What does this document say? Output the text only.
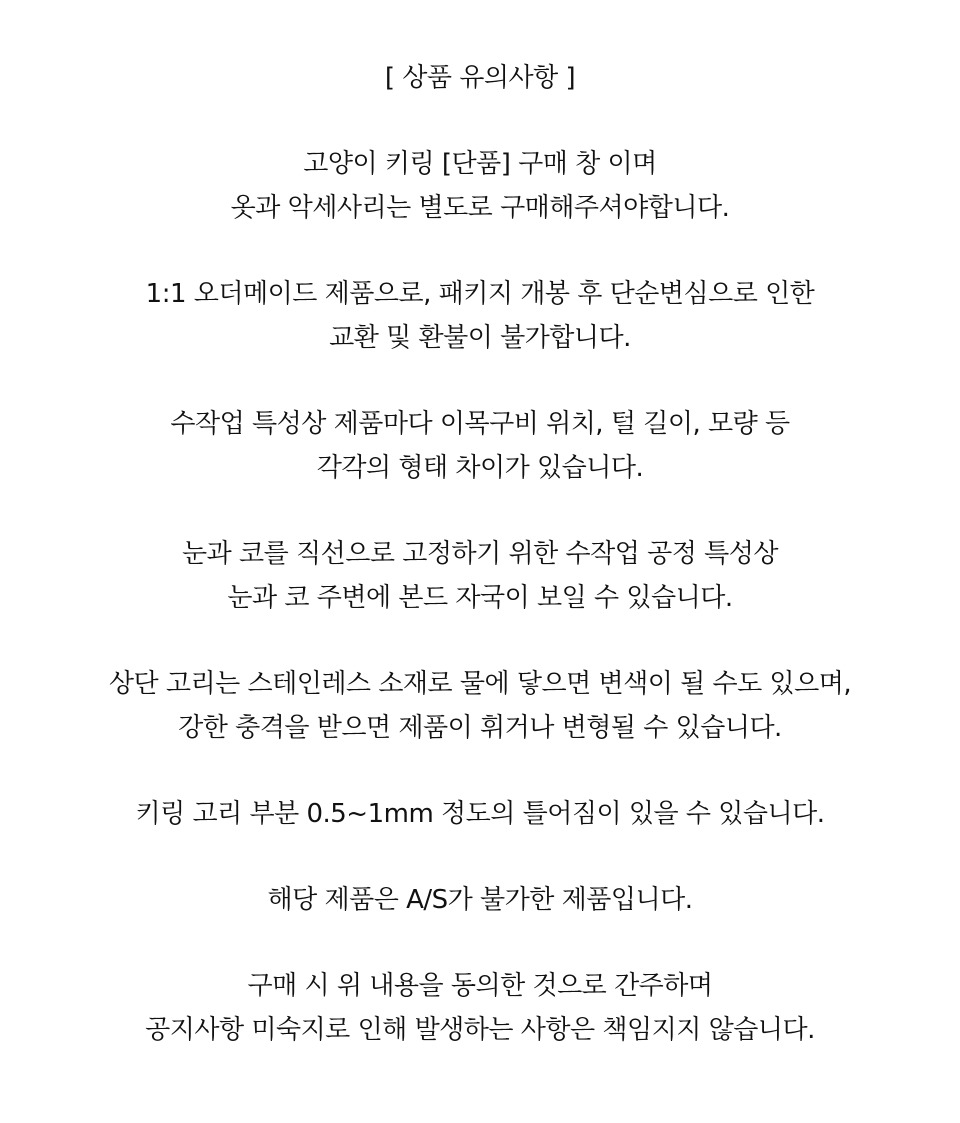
[ 상품 유의사항 ]
고양이 키링 [단품] 구매 창 이며
옷과 악세사리는 별도로 구매해주셔야합니다.
1:1 오더메이드 제품으로, 패키지 개봉 후 단순변심으로 인한
교환 및 환불이 불가합니다.
수작업 특성상 제품마다 이목구비 위치, 털 길이, 모량 등
각각의 형태 차이가 있습니다.
눈과 코를 직선으로 고정하기 위한 수작업 공정 특성상
눈과 코 주변에 본드 자국이 보일 수 있습니다.
상단 고리는 스테인레스 소재로 물에 닿으면 변색이 될 수도 있으며,
강한 충격을 받으면 제품이 휘거나 변형될 수 있습니다.
키링 고리 부분 0.5~1mm 정도의 틀어짐이 있을 수 있습니다.
해당 제품은 A/S가 불가한 제품입니다.
구매 시 위 내용을 동의한 것으로 간주하며
공지사항 미숙지로 인해 발생하는 사항은 책임지지 않습니다.
